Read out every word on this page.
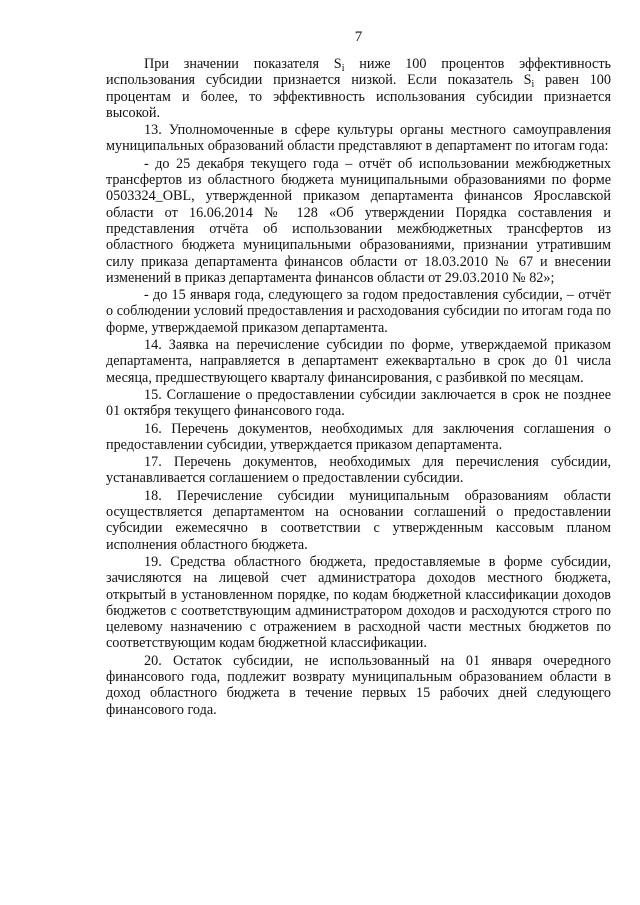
7

При значении показателя $S_i$ ниже 100 процентов эффективность использования субсидии признается низкой. Если показатель $S_i$ равен 100 процентам и более, то эффективность использования субсидии признается высокой.

13. Уполномоченные в сфере культуры органы местного самоуправления муниципальных образований области представляют в департамент по итогам года:

- до 25 декабря текущего года – отчёт об использовании межбюджетных трансфертов из областного бюджета муниципальными образованиями по форме 0503324_OBL, утвержденной приказом департамента финансов Ярославской области от 16.06.2014 № 128 «Об утверждении Порядка составления и представления отчёта об использовании межбюджетных трансфертов из областного бюджета муниципальными образованиями, признании утратившим силу приказа департамента финансов области от 18.03.2010 № 67 и внесении изменений в приказ департамента финансов области от 29.03.2010 № 82»;

- до 15 января года, следующего за годом предоставления субсидии, – отчёт о соблюдении условий предоставления и расходования субсидии по итогам года по форме, утверждаемой приказом департамента.

14. Заявка на перечисление субсидии по форме, утверждаемой приказом департамента, направляется в департамент ежеквартально в срок до 01 числа месяца, предшествующего кварталу финансирования, с разбивкой по месяцам.

15. Соглашение о предоставлении субсидии заключается в срок не позднее 01 октября текущего финансового года.

16. Перечень документов, необходимых для заключения соглашения о предоставлении субсидии, утверждается приказом департамента.

17. Перечень документов, необходимых для перечисления субсидии, устанавливается соглашением о предоставлении субсидии.

18. Перечисление субсидии муниципальным образованиям области осуществляется департаментом на основании соглашений о предоставлении субсидии ежемесячно в соответствии с утвержденным кассовым планом исполнения областного бюджета.

19. Средства областного бюджета, предоставляемые в форме субсидии, зачисляются на лицевой счет администратора доходов местного бюджета, открытый в установленном порядке, по кодам бюджетной классификации доходов бюджетов с соответствующим администратором доходов и расходуются строго по целевому назначению с отражением в расходной части местных бюджетов по соответствующим кодам бюджетной классификации.

20. Остаток субсидии, не использованный на 01 января очередного финансового года, подлежит возврату муниципальным образованием области в доход областного бюджета в течение первых 15 рабочих дней следующего финансового года.
